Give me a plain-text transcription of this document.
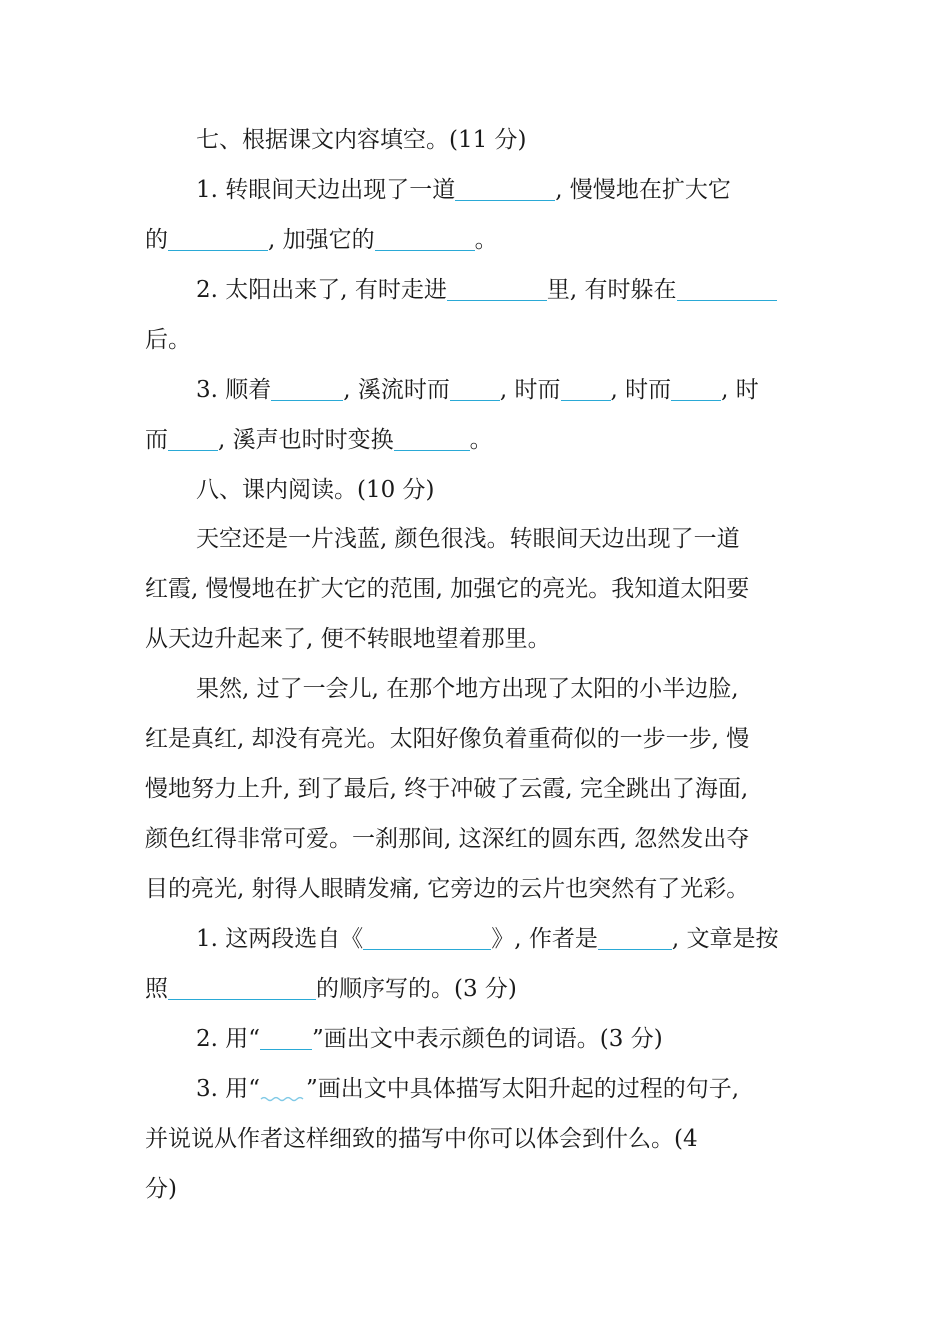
七、根据课文内容填空。(11 分)
1. 转眼间天边出现了一道	, 慢慢地在扩大它
的	, 加强它的	。
2. 太阳出来了, 有时走进	里, 有时躲在
后。
3. 顺着	, 溪流时而 , 时而 , 时而 , 时
而 , 溪声也时时变换	。
八、课内阅读。(10 分)
天空还是一片浅蓝, 颜色很浅。转眼间天边出现了一道
红霞, 慢慢地在扩大它的范围, 加强它的亮光。我知道太阳要
从天边升起来了, 便不转眼地望着那里。
果然, 过了一会儿, 在那个地方出现了太阳的小半边脸,
红是真红, 却没有亮光。太阳好像负着重荷似的一步一步, 慢
慢地努力上升, 到了最后, 终于冲破了云霞, 完全跳出了海面,
颜色红得非常可爱。一刹那间, 这深红的圆东西, 忽然发出夺
目的亮光, 射得人眼睛发痛, 它旁边的云片也突然有了光彩。
1. 这两段选自《	》, 作者是	, 文章是按
照	的顺序写的。(3 分)
2. 用“ ”画出文中表示颜色的词语。(3 分)
3. 用“ ”画出文中具体描写太阳升起的过程的句子,
并说说从作者这样细致的描写中你可以体会到什么。(4
分)
